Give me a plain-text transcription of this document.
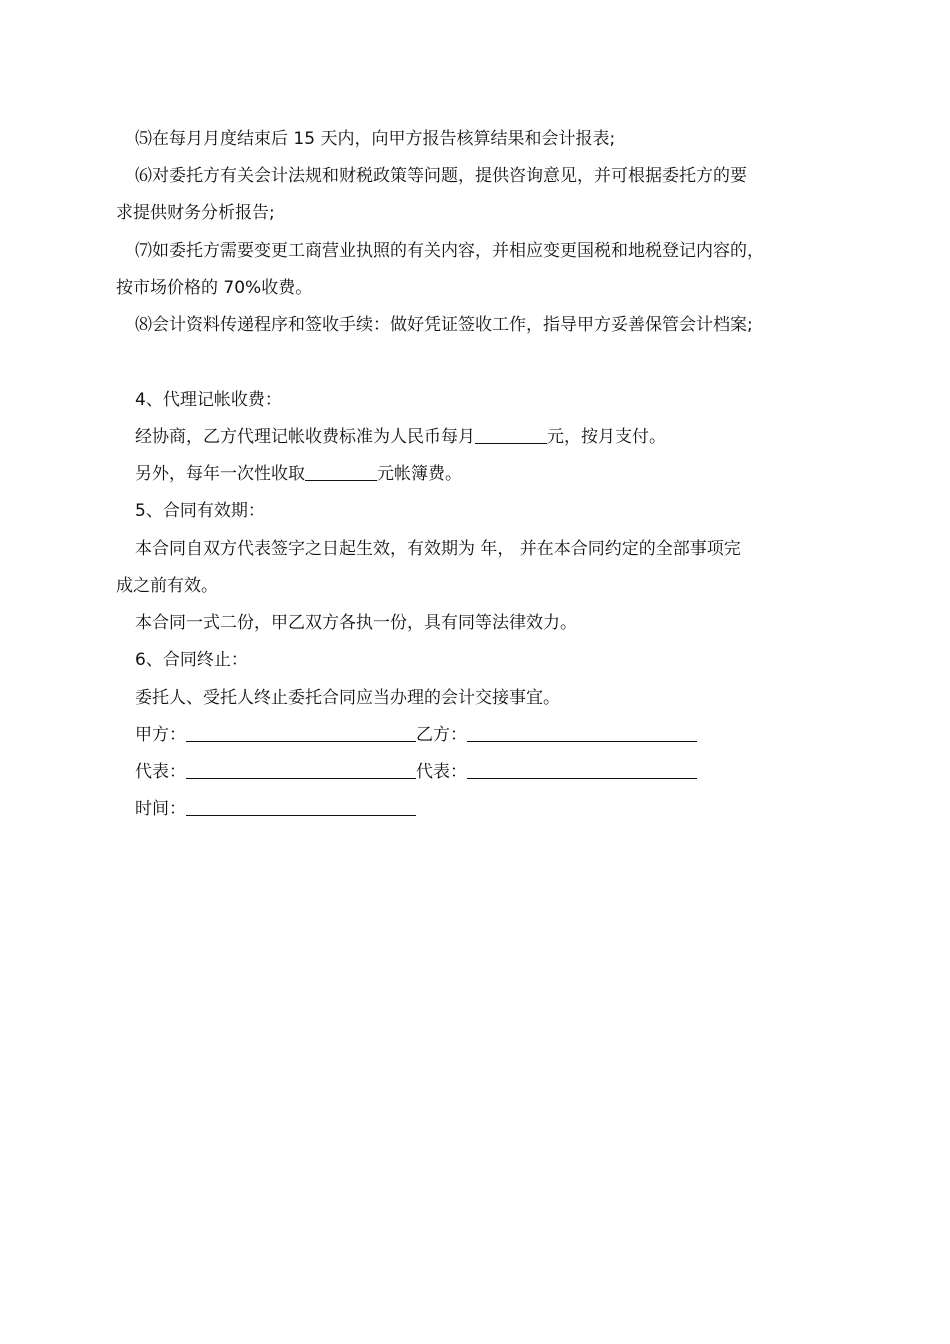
⑸在每月月度结束后 15 天内，向甲方报告核算结果和会计报表;
⑹对委托方有关会计法规和财税政策等问题，提供咨询意见，并可根据委托方的要
求提供财务分析报告;
⑺如委托方需要变更工商营业执照的有关内容，并相应变更国税和地税登记内容的，
按市场价格的 70%收费。
⑻会计资料传递程序和签收手续：做好凭证签收工作，指导甲方妥善保管会计档案;
4、代理记帐收费：
经协商，乙方代理记帐收费标准为人民币每月	元，按月支付。
另外，每年一次性收取	元帐簿费。
5、合同有效期：
本合同自双方代表签字之日起生效，有效期为 年， 并在本合同约定的全部事项完
成之前有效。
本合同一式二份，甲乙双方各执一份，具有同等法律效力。
6、合同终止：
委托人、受托人终止委托合同应当办理的会计交接事宜。
甲方：	乙方：
代表：	代表：
时间：
